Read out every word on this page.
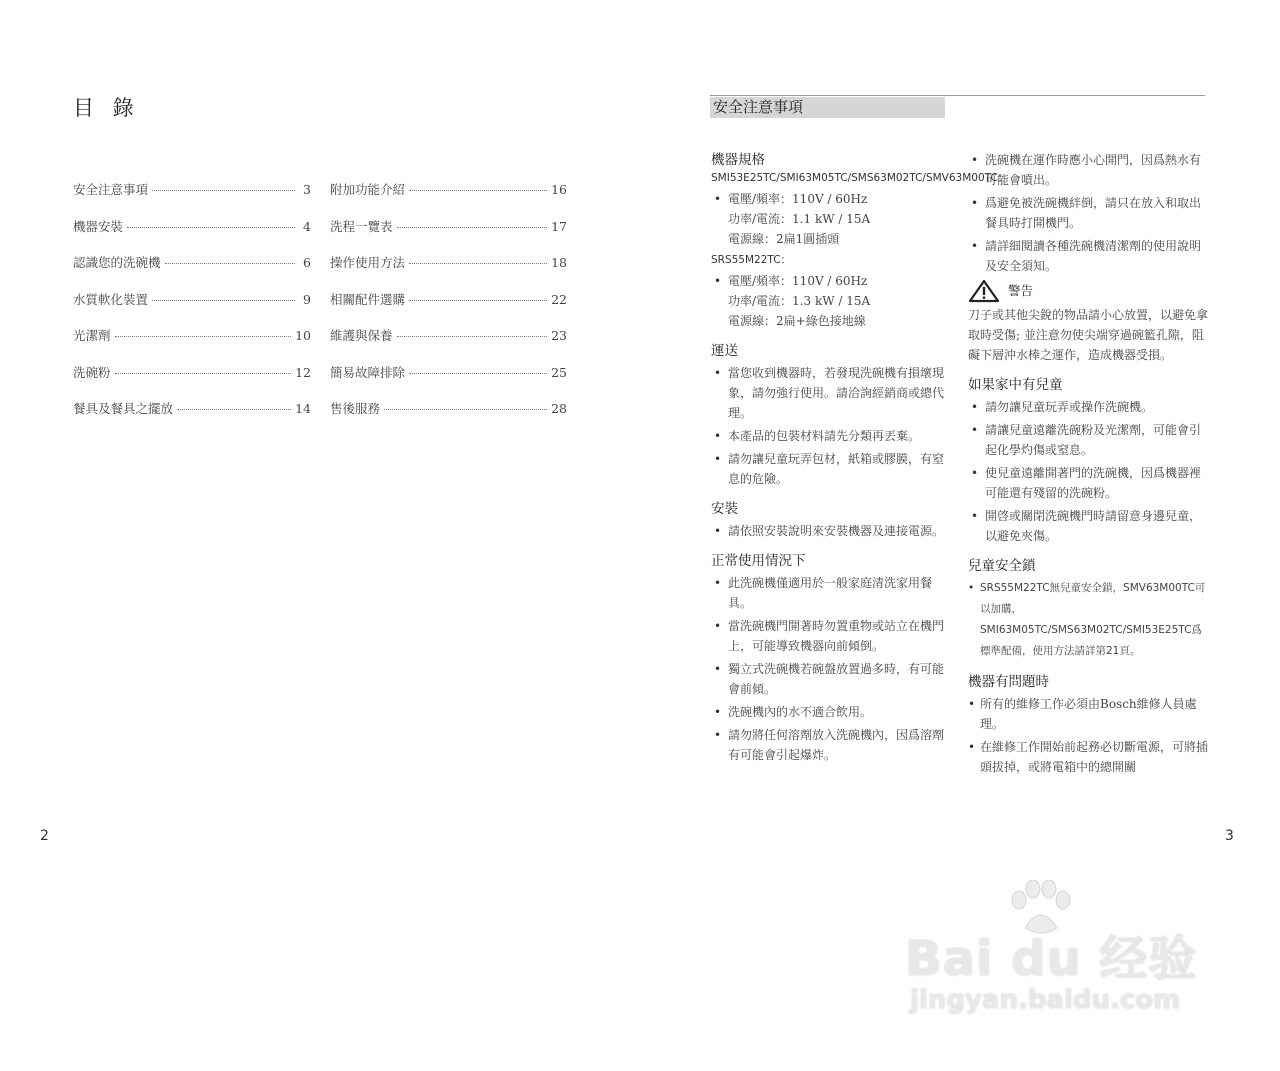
目 錄
安全注意事項	3
機器安裝	4
認識您的洗碗機	6
水質軟化裝置	9
光潔劑	10
洗碗粉	12
餐具及餐具之擺放	14
附加功能介紹	16
洗程一覽表	17
操作使用方法	18
相關配件選購	22
維護與保養	23
簡易故障排除	25
售後服務	28
2
安全注意事項
機器規格
SMI53E25TC/SMI63M05TC/SMS63M02TC/SMV63M00TC：
• 電壓/頻率：110V / 60Hz
功率/電流：1.1 kW / 15A
電源線：2扁1圓插頭
SRS55M22TC：
• 電壓/頻率：110V / 60Hz
功率/電流：1.3 kW / 15A
電源線：2扁+綠色接地線
運送
• 當您收到機器時，若發現洗碗機有損壞現象，請勿強行使用。請洽詢經銷商或總代理。
• 本產品的包裝材料請先分類再丟棄。
• 請勿讓兒童玩弄包材，紙箱或膠膜，有窒息的危險。
安裝
• 請依照安裝說明來安裝機器及連接電源。
正常使用情況下
• 此洗碗機僅適用於一般家庭清洗家用餐具。
• 當洗碗機門開著時勿置重物或站立在機門上，可能導致機器向前傾倒。
• 獨立式洗碗機若碗盤放置過多時，有可能會前傾。
• 洗碗機內的水不適合飲用。
• 請勿將任何溶劑放入洗碗機內，因爲溶劑有可能會引起爆炸。
• 洗碗機在運作時應小心開門，因爲熱水有可能會噴出。
• 爲避免被洗碗機絆倒，請只在放入和取出餐具時打開機門。
• 請詳細閱讀各種洗碗機清潔劑的使用說明及安全須知。
警告

刀子或其他尖銳的物品請小心放置，以避免拿取時受傷; 並注意勿使尖端穿過碗籃孔隙，阻礙下層沖水棒之運作，造成機器受損。

如果家中有兒童
• 請勿讓兒童玩弄或操作洗碗機。
• 請讓兒童遠離洗碗粉及光潔劑，可能會引起化學灼傷或窒息。
• 使兒童遠離開著門的洗碗機，因爲機器裡可能還有殘留的洗碗粉。
• 開啓或關閉洗碗機門時請留意身邊兒童，以避免夾傷。
兒童安全鎖
• SRS55M22TC無兒童安全鎖，SMV63M00TC可以加購，SMI63M05TC/SMS63M02TC/SMI53E25TC爲標準配備，使用方法請詳第21頁。
機器有問題時
• 所有的維修工作必須由Bosch維修人員處理。
• 在維修工作開始前起務必切斷電源，可將插頭拔掉，或將電箱中的總開關
3
Bai du 经验
jingyan.baidu.com
